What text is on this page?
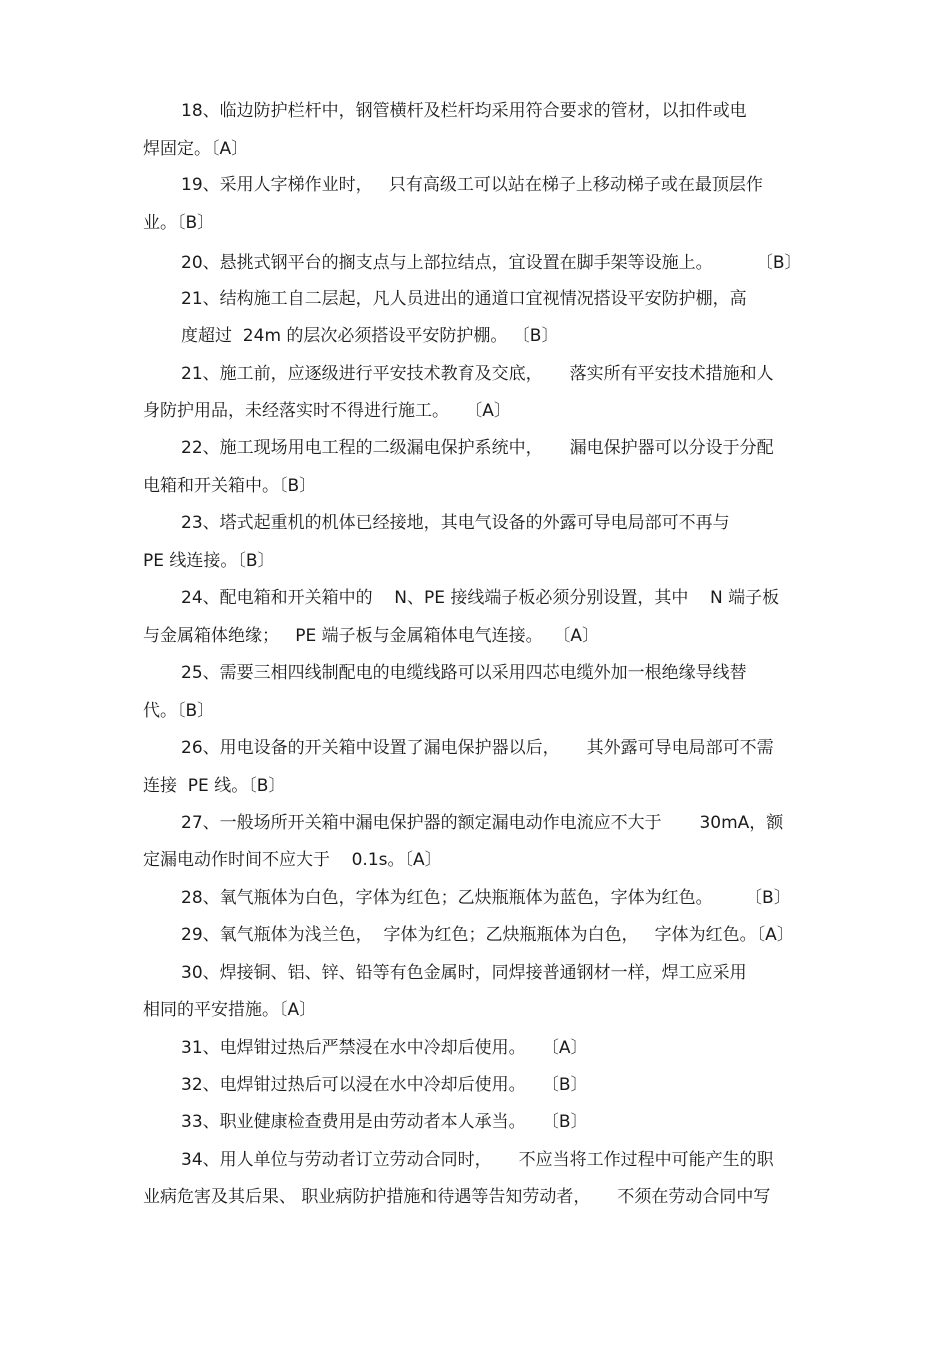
18、临边防护栏杆中，钢管横杆及栏杆均采用符合要求的管材，以扣件或电
焊固定。〔A〕
19、采用人字梯作业时，   只有高级工可以站在梯子上移动梯子或在最顶层作
业。〔B〕
20、悬挑式钢平台的搁支点与上部拉结点，宜设置在脚手架等设施上。        〔B〕
21、结构施工自二层起，凡人员进出的通道口宜视情况搭设平安防护棚，高
度超过  24m 的层次必须搭设平安防护棚。 〔B〕
21、施工前，应逐级进行平安技术教育及交底，     落实所有平安技术措施和人
身防护用品，未经落实时不得进行施工。   〔A〕
22、施工现场用电工程的二级漏电保护系统中，     漏电保护器可以分设于分配
电箱和开关箱中。〔B〕
23、塔式起重机的机体已经接地，其电气设备的外露可导电局部可不再与
PE 线连接。〔B〕
24、配电箱和开关箱中的    N、PE 接线端子板必须分别设置，其中    N 端子板
与金属箱体绝缘；   PE 端子板与金属箱体电气连接。  〔A〕
25、需要三相四线制配电的电缆线路可以采用四芯电缆外加一根绝缘导线替
代。〔B〕
26、用电设备的开关箱中设置了漏电保护器以后，     其外露可导电局部可不需
连接  PE 线。〔B〕
27、一般场所开关箱中漏电保护器的额定漏电动作电流应不大于       30mA，额
定漏电动作时间不应大于    0.1s。〔A〕
28、氧气瓶体为白色，字体为红色；乙炔瓶瓶体为蓝色，字体为红色。      〔B〕
29、氧气瓶体为浅兰色，  字体为红色；乙炔瓶瓶体为白色，   字体为红色。〔A〕
30、焊接铜、铝、锌、铅等有色金属时，同焊接普通钢材一样，焊工应采用
相同的平安措施。〔A〕
31、电焊钳过热后严禁浸在水中冷却后使用。   〔A〕
32、电焊钳过热后可以浸在水中冷却后使用。   〔B〕
33、职业健康检查费用是由劳动者本人承当。   〔B〕
34、用人单位与劳动者订立劳动合同时，     不应当将工作过程中可能产生的职
业病危害及其后果、 职业病防护措施和待遇等告知劳动者，     不须在劳动合同中写
